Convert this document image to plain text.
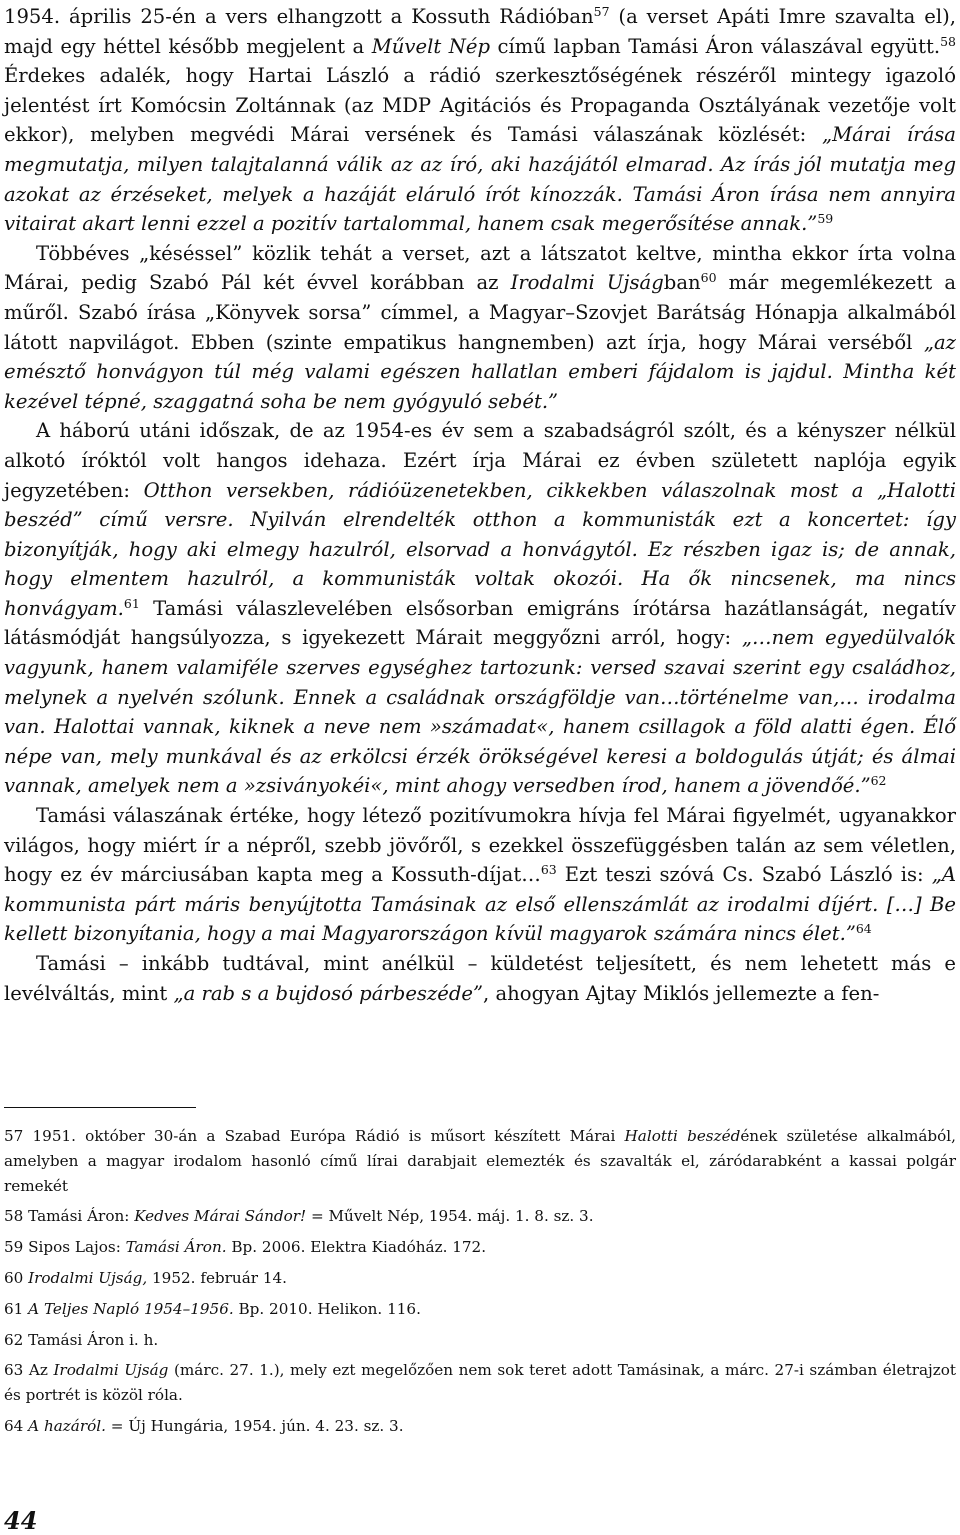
1954. április 25-én a vers elhangzott a Kossuth Rádióban$^{57}$ (a verset Apáti Imre szavalta el), majd egy héttel később megjelent a Művelt Nép című lapban Tamási Áron válaszával együtt.$^{58}$ Érdekes adalék, hogy Hartai László a rádió szerkesztőségének részéről mintegy igazoló jelentést írt Komócsin Zoltánnak (az MDP Agitációs és Propaganda Osztályának vezetője volt ekkor), melyben megvédi Márai versének és Tamási válaszának közlését: „Márai írása megmutatja, milyen talajtalanná válik az az író, aki hazájától elmarad. Az írás jól mutatja meg azokat az érzéseket, melyek a hazáját eláruló írót kínozzák. Tamási Áron írása nem annyira vitairat akart lenni ezzel a pozitív tartalommal, hanem csak megerősítése annak.”$^{59}$

Többéves „késéssel” közlik tehát a verset, azt a látszatot keltve, mintha ekkor írta volna Márai, pedig Szabó Pál két évvel korábban az Irodalmi Ujságban$^{60}$ már megemlékezett a műről. Szabó írása „Könyvek sorsa” címmel, a Magyar–Szovjet Barátság Hónapja alkalmából látott napvilágot. Ebben (szinte empatikus hangnemben) azt írja, hogy Márai verséből „az emésztő honvágyon túl még valami egészen hallatlan emberi fájdalom is jajdul. Mintha két kezével tépné, szaggatná soha be nem gyógyuló sebét.”

A háború utáni időszak, de az 1954-es év sem a szabadságról szólt, és a kényszer nélkül alkotó íróktól volt hangos idehaza. Ezért írja Márai ez évben született naplója egyik jegyzetében: Otthon versekben, rádióüzenetekben, cikkekben válaszolnak most a „Halotti beszéd” című versre. Nyilván elrendelték otthon a kommunisták ezt a koncertet: így bizonyítják, hogy aki elmegy hazulról, elsorvad a honvágytól. Ez részben igaz is; de annak, hogy elmentem hazulról, a kommunisták voltak okozói. Ha ők nincsenek, ma nincs honvágyam.$^{61}$ Tamási válaszlevelében elsősorban emigráns írótársa hazátlanságát, negatív látásmódját hangsúlyozza, s igyekezett Márait meggyőzni arról, hogy: „…nem egyedülvalók vagyunk, hanem valamiféle szerves egységhez tartozunk: versed szavai szerint egy családhoz, melynek a nyelvén szólunk. Ennek a családnak országföldje van…történelme van,… irodalma van. Halottai vannak, kiknek a neve nem »számadat«, hanem csillagok a föld alatti égen. Élő népe van, mely munkával és az erkölcsi érzék örökségével keresi a boldogulás útját; és álmai vannak, amelyek nem a »zsiványokéi«, mint ahogy versedben írod, hanem a jövendőé.”$^{62}$

Tamási válaszának értéke, hogy létező pozitívumokra hívja fel Márai figyelmét, ugyanakkor világos, hogy miért ír a népről, szebb jövőről, s ezekkel összefüggésben talán az sem véletlen, hogy ez év márciusában kapta meg a Kossuth-díjat…$^{63}$ Ezt teszi szóvá Cs. Szabó László is: „A kommunista párt máris benyújtotta Tamásinak az első ellenszámlát az irodalmi díjért. […] Be kellett bizonyítania, hogy a mai Magyarországon kívül magyarok számára nincs élet.”$^{64}$

Tamási – inkább tudtával, mint anélkül – küldetést teljesített, és nem lehetett más e levélváltás, mint „a rab s a bujdosó párbeszéde”, ahogyan Ajtay Miklós jellemezte a fen-

57 1951. október 30-án a Szabad Európa Rádió is műsort készített Márai Halotti beszédének születése alkalmából, amelyben a magyar irodalom hasonló című lírai darabjait elemezték és szavalták el, záródarabként a kassai polgár remekét

58 Tamási Áron: Kedves Márai Sándor! = Művelt Nép, 1954. máj. 1. 8. sz. 3.

59 Sipos Lajos: Tamási Áron. Bp. 2006. Elektra Kiadóház. 172.

60 Irodalmi Ujság, 1952. február 14.

61 A Teljes Napló 1954–1956. Bp. 2010. Helikon. 116.

62 Tamási Áron i. h.

63 Az Irodalmi Ujság (márc. 27. 1.), mely ezt megelőzően nem sok teret adott Tamásinak, a márc. 27-i számban életrajzot és portrét is közöl róla.

64 A hazáról. = Új Hungária, 1954. jún. 4. 23. sz. 3.

44
